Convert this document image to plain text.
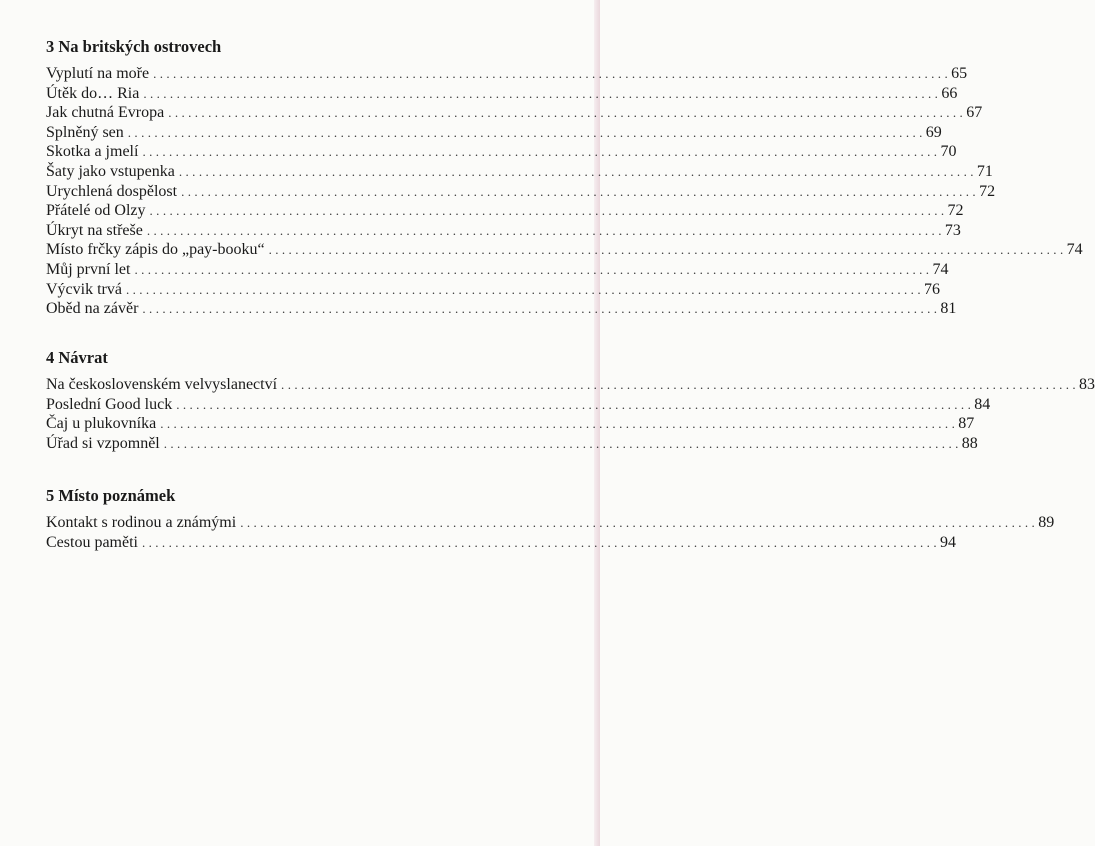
3 Na britských ostrovech
Vyplutí na moře ........................................................................................................................ 65
Útěk do… Ria ........................................................................................................................ 66
Jak chutná Evropa ........................................................................................................................ 67
Splněný sen ........................................................................................................................ 69
Skotka a jmelí ........................................................................................................................ 70
Šaty jako vstupenka ........................................................................................................................ 71
Urychlená dospělost ........................................................................................................................ 72
Přátelé od Olzy ........................................................................................................................ 72
Úkryt na střeše ........................................................................................................................ 73
Místo frčky zápis do „pay-booku“ ........................................................................................................................ 74
Můj první let ........................................................................................................................ 74
Výcvik trvá ........................................................................................................................ 76
Oběd na závěr ........................................................................................................................ 81
4 Návrat
Na československém velvyslanectví ........................................................................................................................ 83
Poslední Good luck ........................................................................................................................ 84
Čaj u plukovníka ........................................................................................................................ 87
Úřad si vzpomněl ........................................................................................................................ 88
5 Místo poznámek
Kontakt s rodinou a známými ........................................................................................................................ 89
Cestou paměti ........................................................................................................................ 94
